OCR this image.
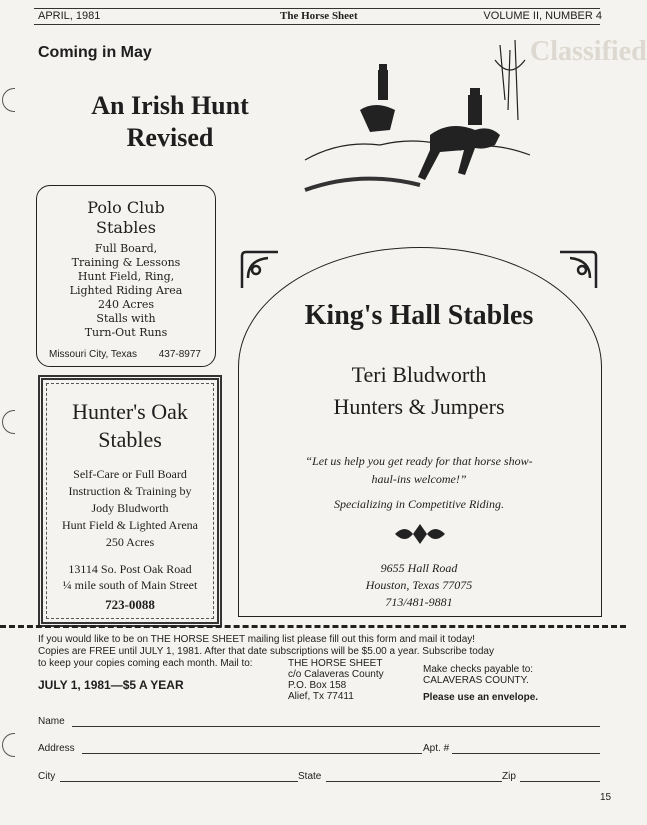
APRIL, 1981	The Horse Sheet	VOLUME II, NUMBER 4
Classified
Coming in May
An Irish Hunt
Revised
Polo Club
Stables
Full Board,
Training & Lessons
Hunt Field, Ring,
Lighted Riding Area
240 Acres
Stalls with
Turn-Out Runs
Missouri City, Texas 437-8977
Hunter's Oak
Stables
Self-Care or Full Board
Instruction & Training by
Jody Bludworth
Hunt Field & Lighted Arena
250 Acres
13114 So. Post Oak Road
¼ mile south of Main Street
723-0088
King's Hall Stables
Teri Bludworth
Hunters & Jumpers
“Let us help you get ready for that horse show-
haul-ins welcome!”
Specializing in Competitive Riding.
9655 Hall Road
Houston, Texas 77075
713/481-9881
If you would like to be on THE HORSE SHEET mailing list please fill out this form and mail it today!
Copies are FREE until JULY 1, 1981. After that date subscriptions will be $5.00 a year. Subscribe today
to keep your copies coming each month. Mail to:	THE HORSE SHEET
c/o Calaveras County
P.O. Box 158
Alief, Tx 77411
JULY 1, 1981—$5 A YEAR
Make checks payable to:
CALAVERAS COUNTY.
Please use an envelope.
Name
Address	Apt. #
City	State	Zip
15
